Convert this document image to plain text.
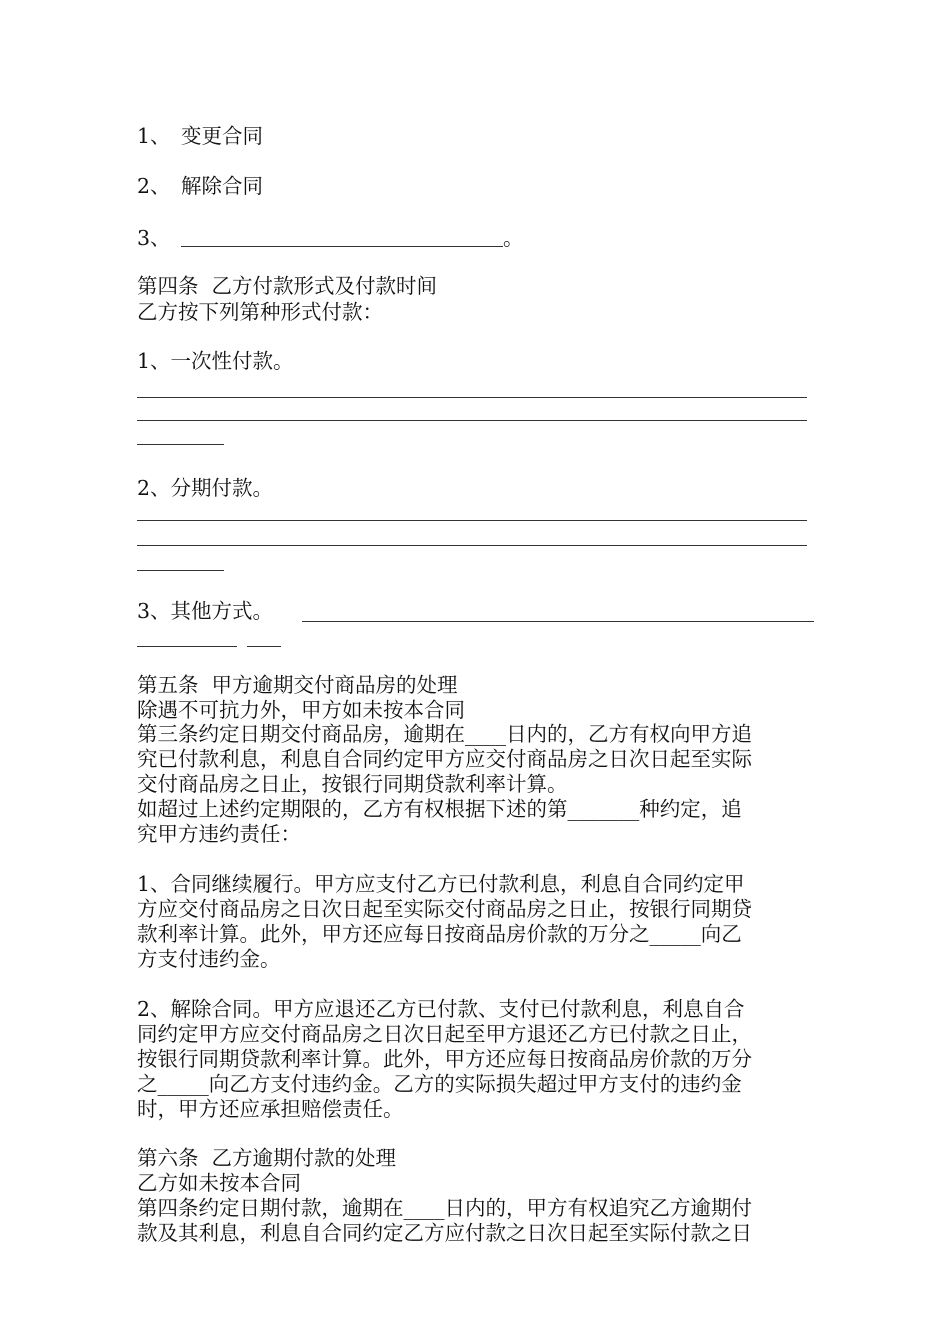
1、 变更合同
2、 解除合同
3、	。
第四条  乙方付款形式及付款时间
乙方按下列第种形式付款：
1、一次性付款。
2、分期付款。
3、其他方式。
第五条  甲方逾期交付商品房的处理
除遇不可抗力外，甲方如未按本合同
第三条约定日期交付商品房，逾期在____日内的，乙方有权向甲方追
究已付款利息，利息自合同约定甲方应交付商品房之日次日起至实际
交付商品房之日止，按银行同期贷款利率计算。
如超过上述约定期限的，乙方有权根据下述的第_______种约定，追
究甲方违约责任：
1、合同继续履行。甲方应支付乙方已付款利息，利息自合同约定甲
方应交付商品房之日次日起至实际交付商品房之日止，按银行同期贷
款利率计算。此外，甲方还应每日按商品房价款的万分之_____向乙
方支付违约金。
2、解除合同。甲方应退还乙方已付款、支付已付款利息，利息自合
同约定甲方应交付商品房之日次日起至甲方退还乙方已付款之日止，
按银行同期贷款利率计算。此外，甲方还应每日按商品房价款的万分
之_____向乙方支付违约金。乙方的实际损失超过甲方支付的违约金
时，甲方还应承担赔偿责任。
第六条  乙方逾期付款的处理
乙方如未按本合同
第四条约定日期付款，逾期在____日内的，甲方有权追究乙方逾期付
款及其利息，利息自合同约定乙方应付款之日次日起至实际付款之日
